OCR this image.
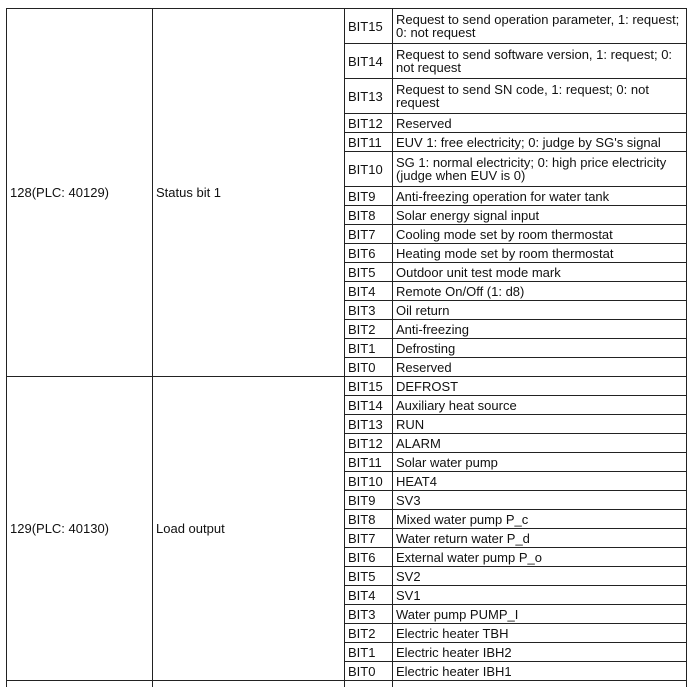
128(PLC: 40129)	Status bit 1	BIT15	Request to send operation parameter, 1: request; 0: not request
		BIT14	Request to send software version, 1: request; 0: not request
		BIT13	Request to send SN code, 1: request; 0: not request
		BIT12	Reserved
		BIT11	EUV 1: free electricity; 0: judge by SG's signal
		BIT10	SG 1: normal electricity; 0: high price electricity (judge when EUV is 0)
		BIT9	Anti-freezing operation for water tank
		BIT8	Solar energy signal input
		BIT7	Cooling mode set by room thermostat
		BIT6	Heating mode set by room thermostat
		BIT5	Outdoor unit test mode mark
		BIT4	Remote On/Off (1: d8)
		BIT3	Oil return
		BIT2	Anti-freezing
		BIT1	Defrosting
		BIT0	Reserved
129(PLC: 40130)	Load output	BIT15	DEFROST
		BIT14	Auxiliary heat source
		BIT13	RUN
		BIT12	ALARM
		BIT11	Solar water pump
		BIT10	HEAT4
		BIT9	SV3
		BIT8	Mixed water pump P_c
		BIT7	Water return water P_d
		BIT6	External water pump P_o
		BIT5	SV2
		BIT4	SV1
		BIT3	Water pump PUMP_I
		BIT2	Electric heater TBH
		BIT1	Electric heater IBH2
		BIT0	Electric heater IBH1
